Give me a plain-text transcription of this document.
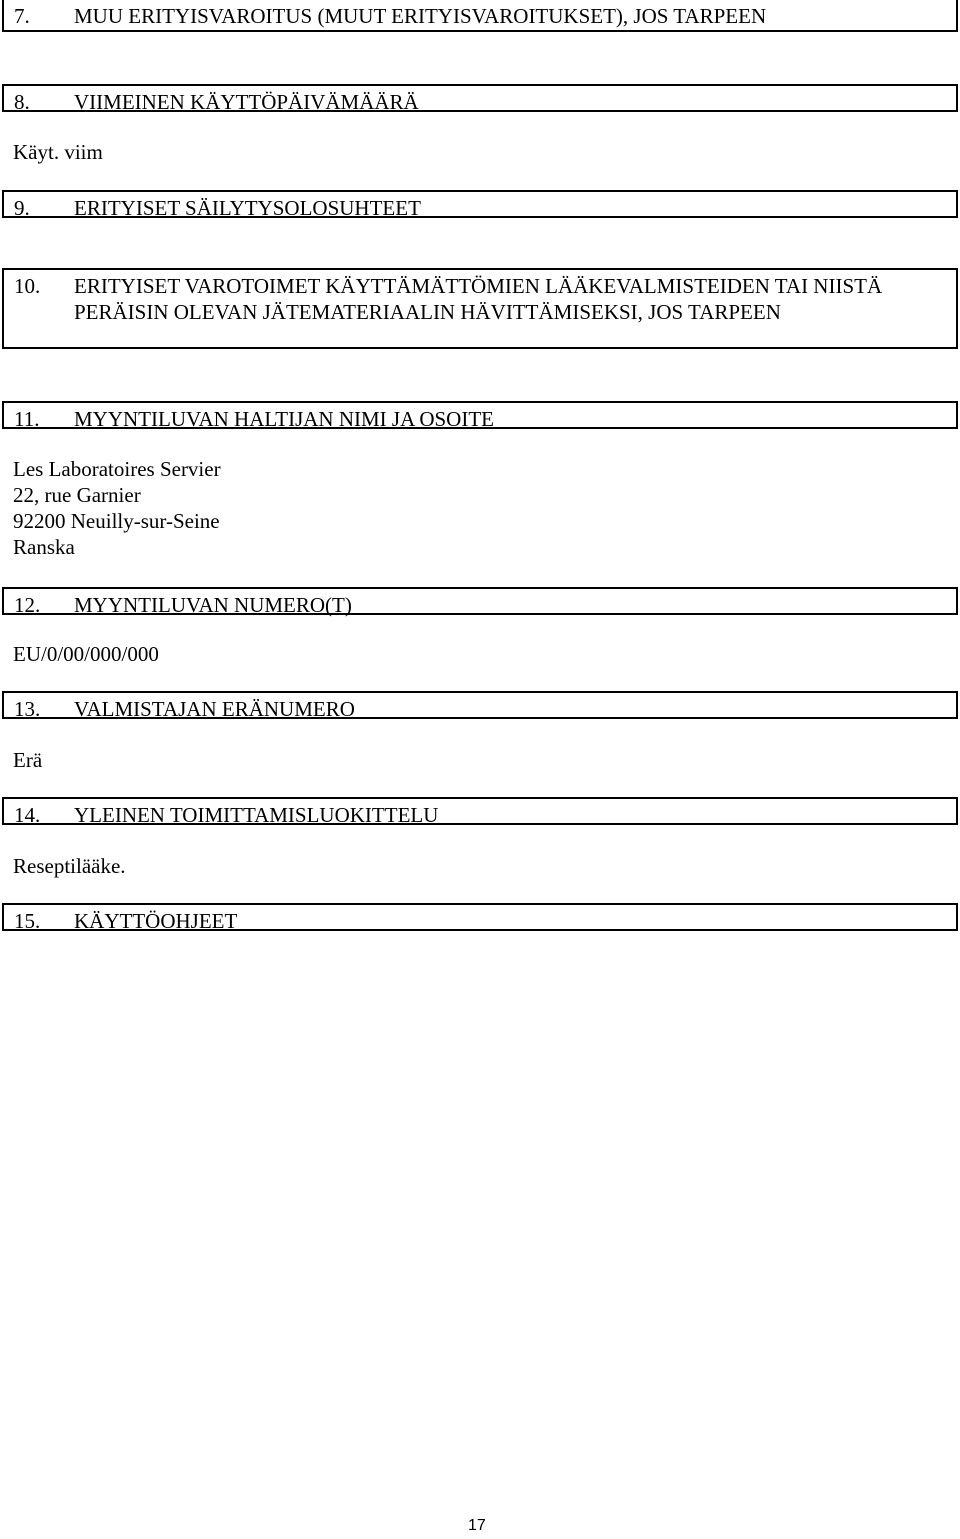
7.	MUU ERITYISVAROITUS (MUUT ERITYISVAROITUKSET), JOS TARPEEN
8.	VIIMEINEN KÄYTTÖPÄIVÄMÄÄRÄ
Käyt. viim
9.	ERITYISET SÄILYTYSOLOSUHTEET
10.	ERITYISET VAROTOIMET KÄYTTÄMÄTTÖMIEN LÄÄKEVALMISTEIDEN TAI NIISTÄ PERÄISIN OLEVAN JÄTEMATERIAALIN HÄVITTÄMISEKSI, JOS TARPEEN
11.	MYYNTILUVAN HALTIJAN NIMI JA OSOITE
Les Laboratoires Servier
22, rue Garnier
92200 Neuilly-sur-Seine
Ranska
12.	MYYNTILUVAN NUMERO(T)
EU/0/00/000/000
13.	VALMISTAJAN ERÄNUMERO
Erä
14.	YLEINEN TOIMITTAMISLUOKITTELU
Reseptilääke.
15.	KÄYTTÖOHJEET
17
